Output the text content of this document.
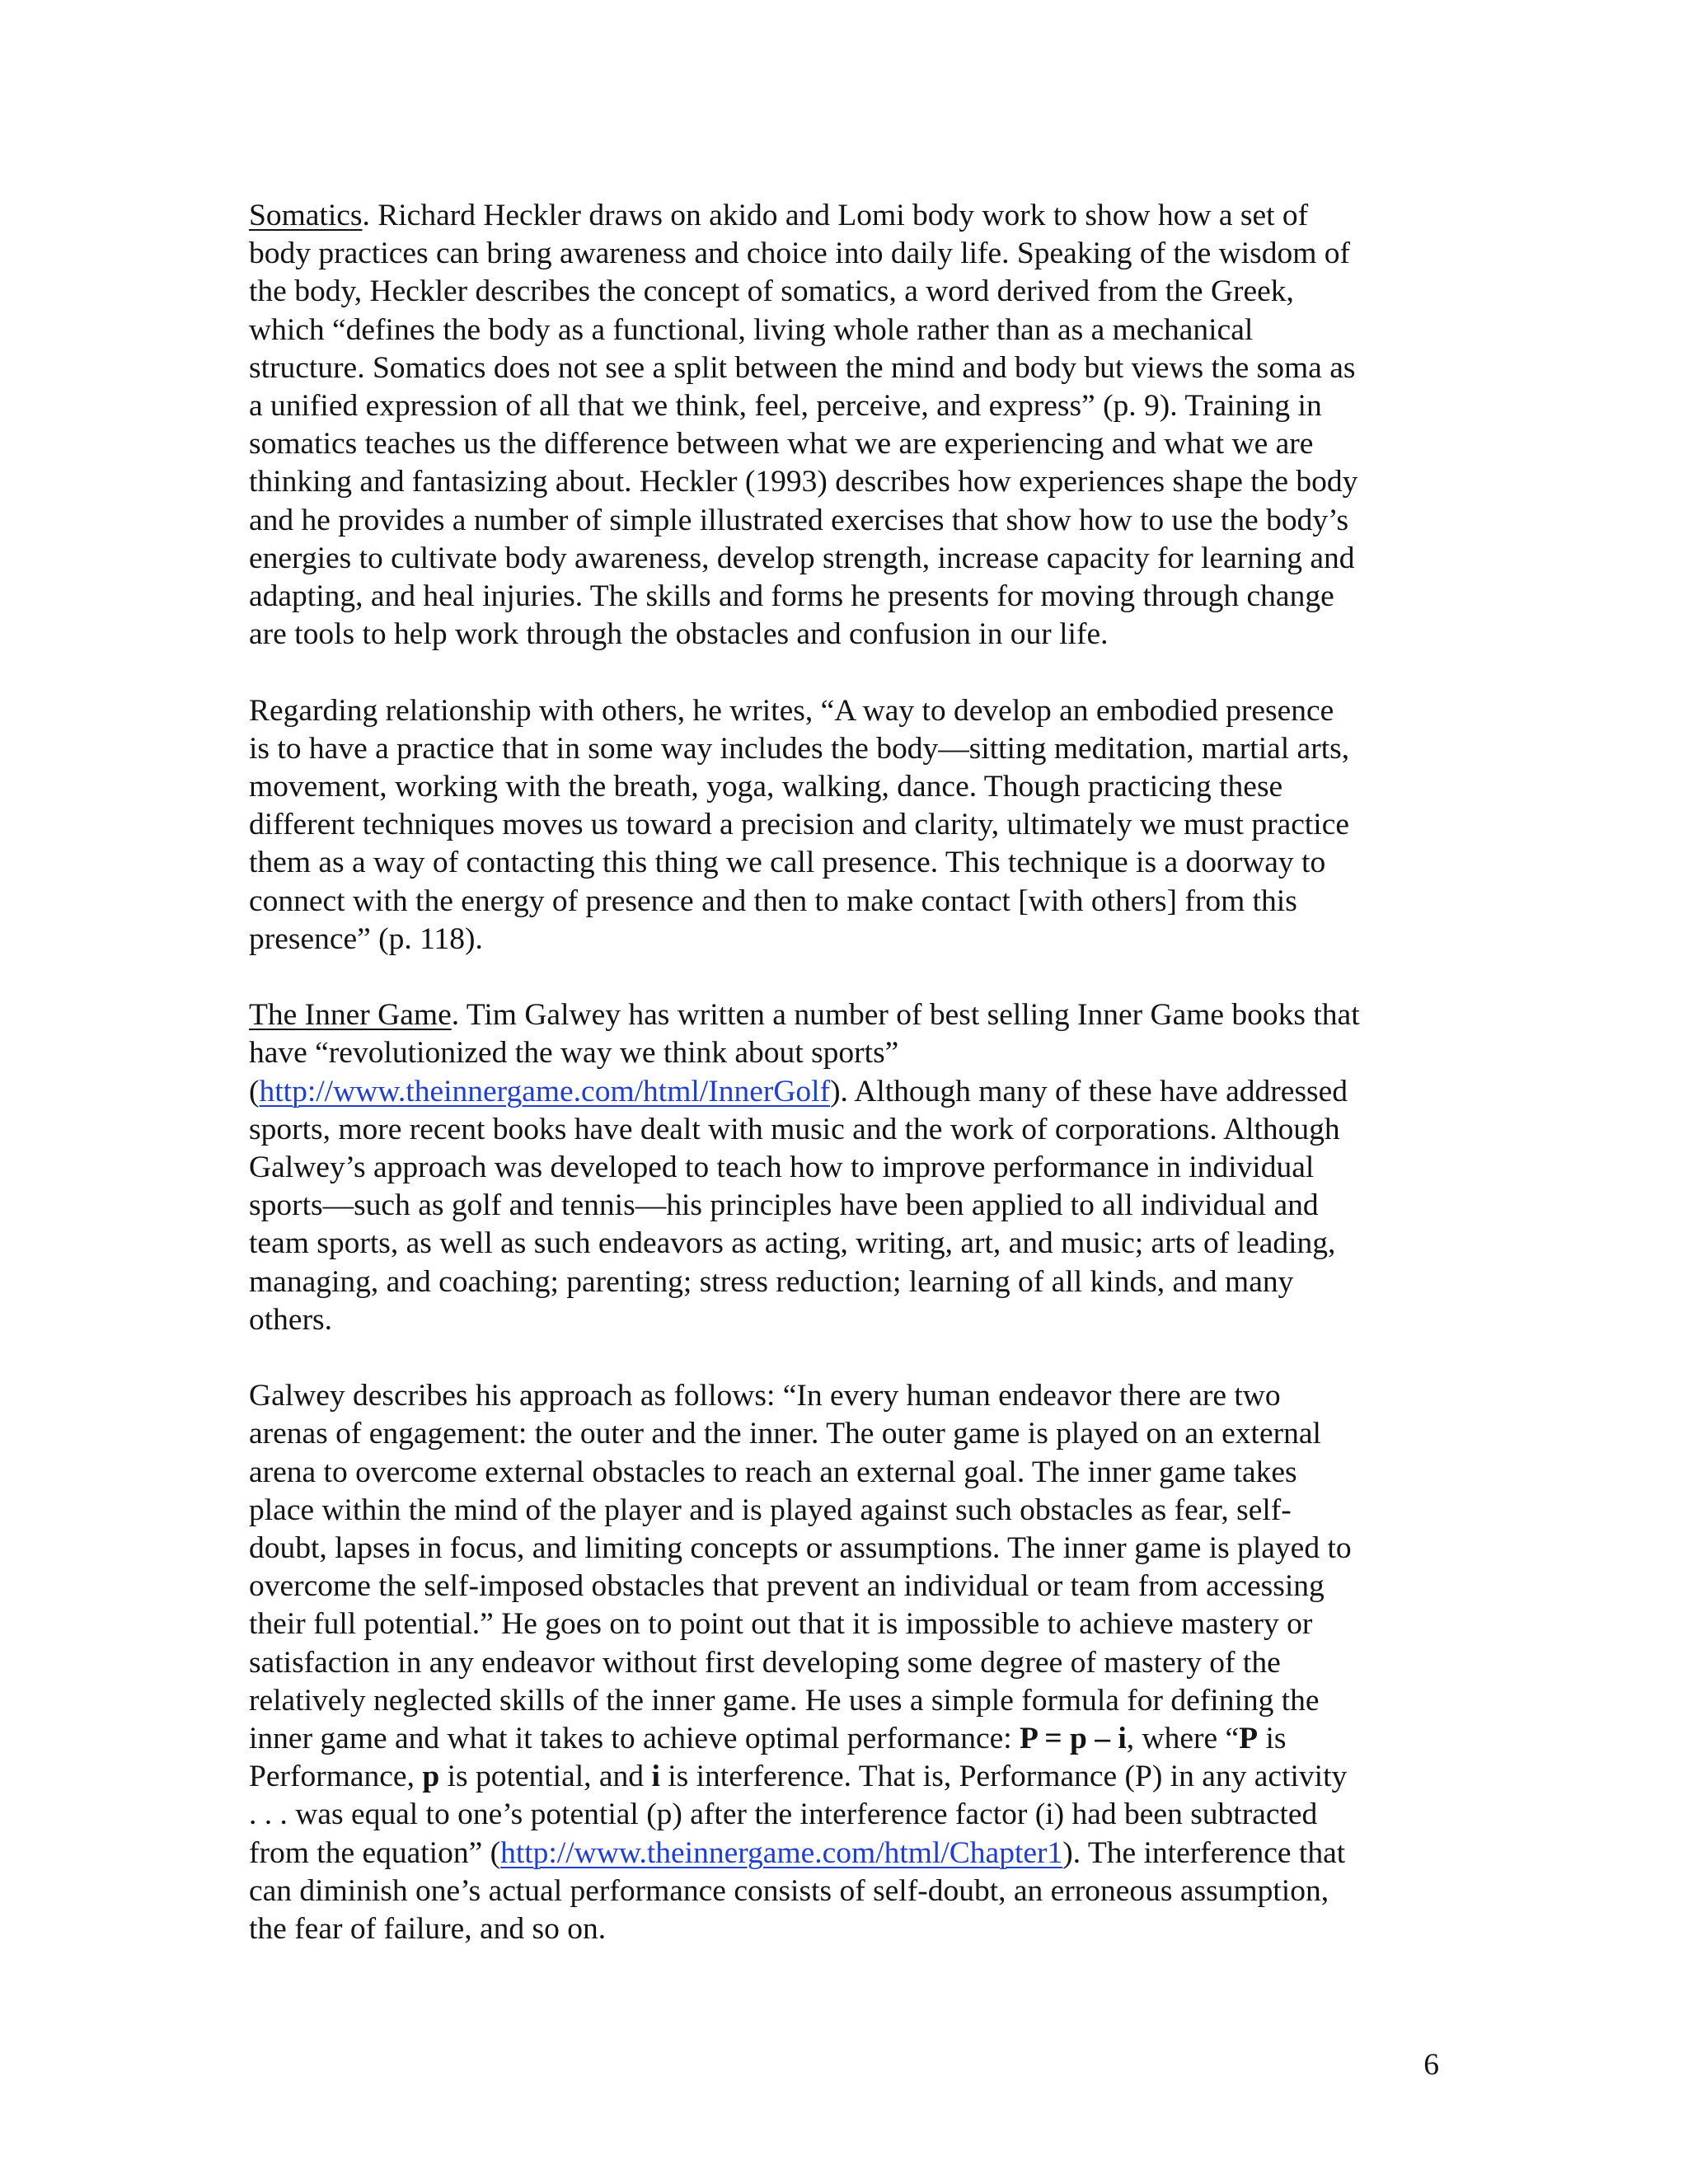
Somatics. Richard Heckler draws on akido and Lomi body work to show how a set of
body practices can bring awareness and choice into daily life. Speaking of the wisdom of
the body, Heckler describes the concept of somatics, a word derived from the Greek,
which “defines the body as a functional, living whole rather than as a mechanical
structure. Somatics does not see a split between the mind and body but views the soma as
a unified expression of all that we think, feel, perceive, and express” (p. 9). Training in
somatics teaches us the difference between what we are experiencing and what we are
thinking and fantasizing about. Heckler (1993) describes how experiences shape the body
and he provides a number of simple illustrated exercises that show how to use the body’s
energies to cultivate body awareness, develop strength, increase capacity for learning and
adapting, and heal injuries. The skills and forms he presents for moving through change
are tools to help work through the obstacles and confusion in our life.

Regarding relationship with others, he writes, “A way to develop an embodied presence
is to have a practice that in some way includes the body—sitting meditation, martial arts,
movement, working with the breath, yoga, walking, dance. Though practicing these
different techniques moves us toward a precision and clarity, ultimately we must practice
them as a way of contacting this thing we call presence. This technique is a doorway to
connect with the energy of presence and then to make contact [with others] from this
presence” (p. 118).

The Inner Game. Tim Galwey has written a number of best selling Inner Game books that
have “revolutionized the way we think about sports”
(http://www.theinnergame.com/html/InnerGolf). Although many of these have addressed
sports, more recent books have dealt with music and the work of corporations. Although
Galwey’s approach was developed to teach how to improve performance in individual
sports—such as golf and tennis—his principles have been applied to all individual and
team sports, as well as such endeavors as acting, writing, art, and music; arts of leading,
managing, and coaching; parenting; stress reduction; learning of all kinds, and many
others.

Galwey describes his approach as follows: “In every human endeavor there are two
arenas of engagement: the outer and the inner. The outer game is played on an external
arena to overcome external obstacles to reach an external goal. The inner game takes
place within the mind of the player and is played against such obstacles as fear, self-
doubt, lapses in focus, and limiting concepts or assumptions. The inner game is played to
overcome the self-imposed obstacles that prevent an individual or team from accessing
their full potential.” He goes on to point out that it is impossible to achieve mastery or
satisfaction in any endeavor without first developing some degree of mastery of the
relatively neglected skills of the inner game. He uses a simple formula for defining the
inner game and what it takes to achieve optimal performance: P = p – i, where “P is
Performance, p is potential, and i is interference. That is, Performance (P) in any activity
. . . was equal to one’s potential (p) after the interference factor (i) had been subtracted
from the equation” (http://www.theinnergame.com/html/Chapter1). The interference that
can diminish one’s actual performance consists of self-doubt, an erroneous assumption,
the fear of failure, and so on.

6
